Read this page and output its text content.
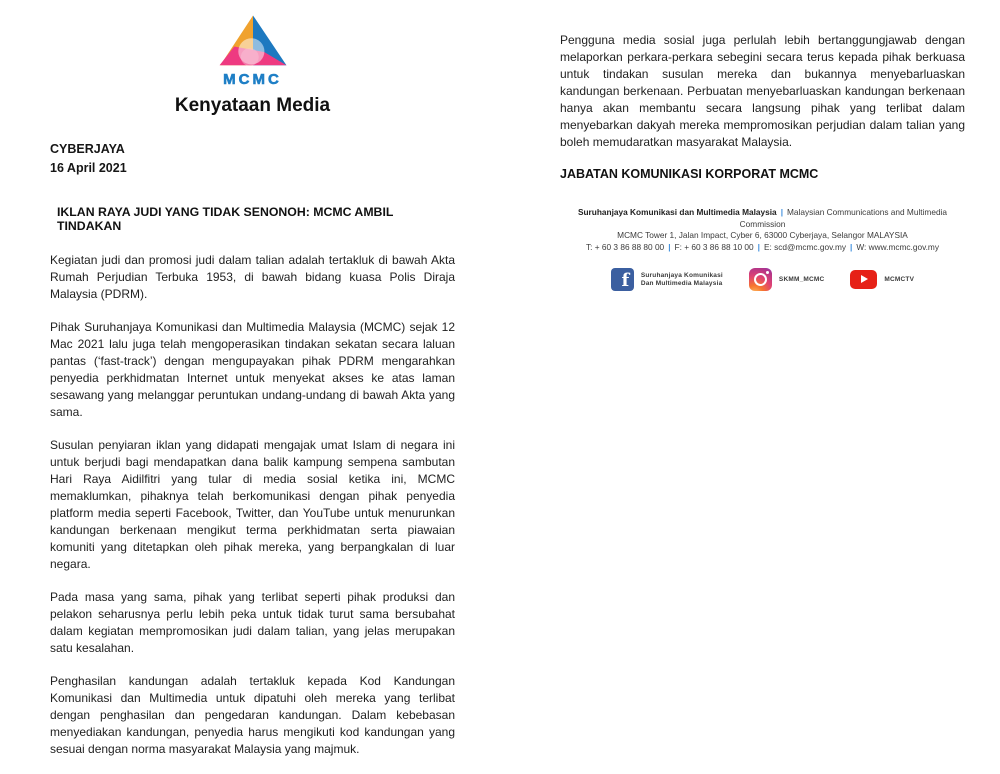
MCMC
Kenyataan Media
CYBERJAYA
16 April 2021
IKLAN RAYA JUDI YANG TIDAK SENONOH: MCMC AMBIL TINDAKAN

Kegiatan judi dan promosi judi dalam talian adalah tertakluk di bawah Akta Rumah Perjudian Terbuka 1953, di bawah bidang kuasa Polis Diraja Malaysia (PDRM).

Pihak Suruhanjaya Komunikasi dan Multimedia Malaysia (MCMC) sejak 12 Mac 2021 lalu juga telah mengoperasikan tindakan sekatan secara laluan pantas (‘fast-track’) dengan mengupayakan pihak PDRM mengarahkan penyedia perkhidmatan Internet untuk menyekat akses ke atas laman sesawang yang melanggar peruntukan undang-undang di bawah Akta yang sama.

Susulan penyiaran iklan yang didapati mengajak umat Islam di negara ini untuk berjudi bagi mendapatkan dana balik kampung sempena sambutan Hari Raya Aidilfitri yang tular di media sosial ketika ini, MCMC memaklumkan, pihaknya telah berkomunikasi dengan pihak penyedia platform media seperti Facebook, Twitter, dan YouTube untuk menurunkan kandungan berkenaan mengikut terma perkhidmatan serta piawaian komuniti yang ditetapkan oleh pihak mereka, yang berpangkalan di luar negara.

Pada masa yang sama, pihak yang terlibat seperti pihak produksi dan pelakon seharusnya perlu lebih peka untuk tidak turut sama bersubahat dalam kegiatan mempromosikan judi dalam talian, yang jelas merupakan satu kesalahan.

Penghasilan kandungan adalah tertakluk kepada Kod Kandungan Komunikasi dan Multimedia untuk dipatuhi oleh mereka yang terlibat dengan penghasilan dan pengedaran kandungan. Dalam kebebasan menyediakan kandungan, penyedia harus mengikuti kod kandungan yang sesuai dengan norma masyarakat Malaysia yang majmuk.

Pengguna media sosial juga perlulah lebih bertanggungjawab dengan melaporkan perkara-perkara sebegini secara terus kepada pihak berkuasa untuk tindakan susulan mereka dan bukannya menyebarluaskan kandungan berkenaan. Perbuatan menyebarluaskan kandungan berkenaan hanya akan membantu secara langsung pihak yang terlibat dalam menyebarkan dakyah mereka mempromosikan perjudian dalam talian yang boleh memudaratkan masyarakat Malaysia.

JABATAN KOMUNIKASI KORPORAT MCMC
Suruhanjaya Komunikasi dan Multimedia Malaysia | Malaysian Communications and Multimedia Commission
MCMC Tower 1, Jalan Impact, Cyber 6, 63000 Cyberjaya, Selangor MALAYSIA
T: + 60 3 86 88 80 00 | F: + 60 3 86 88 10 00 | E: scd@mcmc.gov.my | W: www.mcmc.gov.my
f
Suruhanjaya Komunikasi
Dan Multimedia Malaysia
SKMM_MCMC	MCMCTV
